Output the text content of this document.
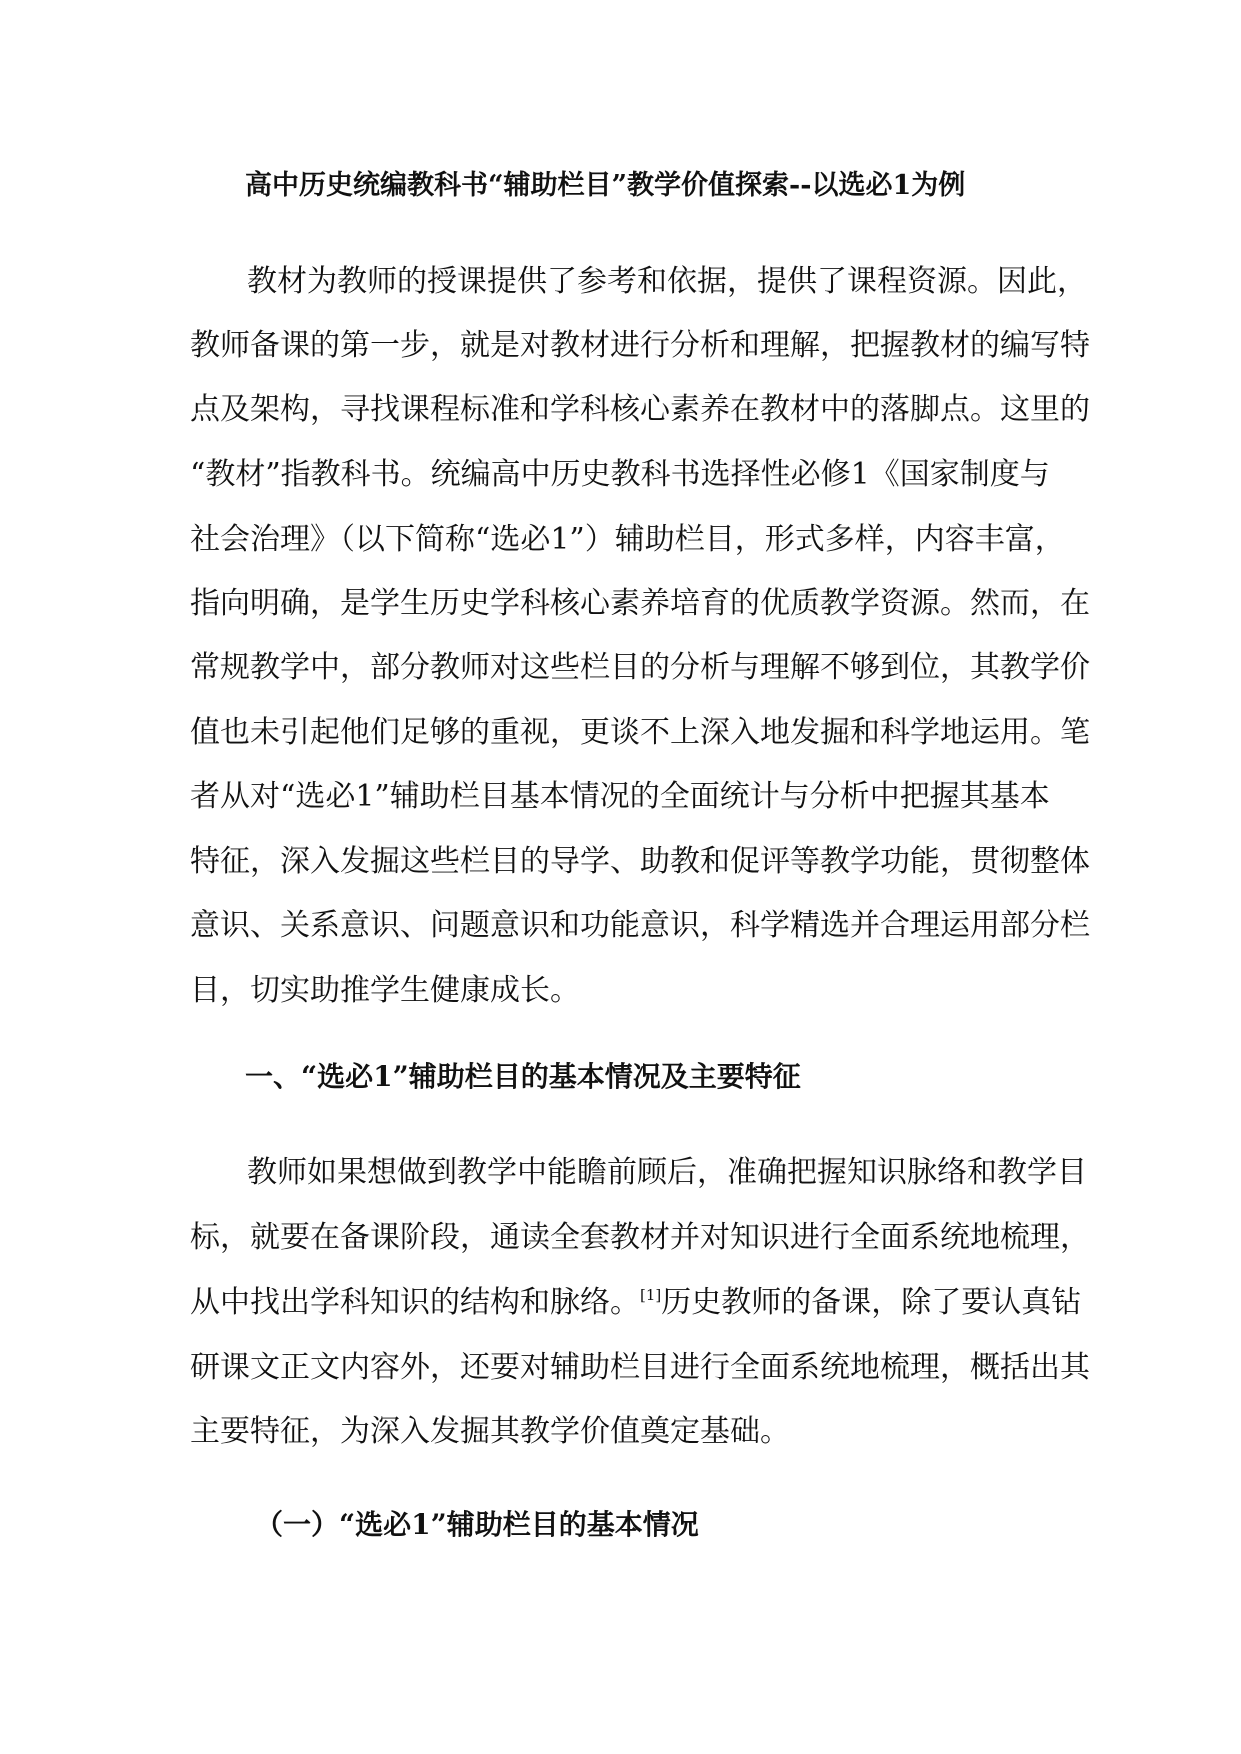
高中历史统编教科书“辅助栏目”教学价值探索--以选必1为例

教材为教师的授课提供了参考和依据，提供了课程资源。因此，

教师备课的第一步，就是对教材进行分析和理解，把握教材的编写特

点及架构，寻找课程标准和学科核心素养在教材中的落脚点。这里的

“教材”指教科书。统编高中历史教科书选择性必修1《国家制度与

社会治理》（以下简称“选必1”）辅助栏目，形式多样，内容丰富，

指向明确，是学生历史学科核心素养培育的优质教学资源。然而，在

常规教学中，部分教师对这些栏目的分析与理解不够到位，其教学价

值也未引起他们足够的重视，更谈不上深入地发掘和科学地运用。笔

者从对“选必1”辅助栏目基本情况的全面统计与分析中把握其基本

特征，深入发掘这些栏目的导学、助教和促评等教学功能，贯彻整体

意识、关系意识、问题意识和功能意识，科学精选并合理运用部分栏

目，切实助推学生健康成长。

一、“选必1”辅助栏目的基本情况及主要特征

教师如果想做到教学中能瞻前顾后，准确把握知识脉络和教学目

标，就要在备课阶段，通读全套教材并对知识进行全面系统地梳理，

从中找出学科知识的结构和脉络。[1]历史教师的备课，除了要认真钻

研课文正文内容外，还要对辅助栏目进行全面系统地梳理，概括出其

主要特征，为深入发掘其教学价值奠定基础。

（一）“选必1”辅助栏目的基本情况
